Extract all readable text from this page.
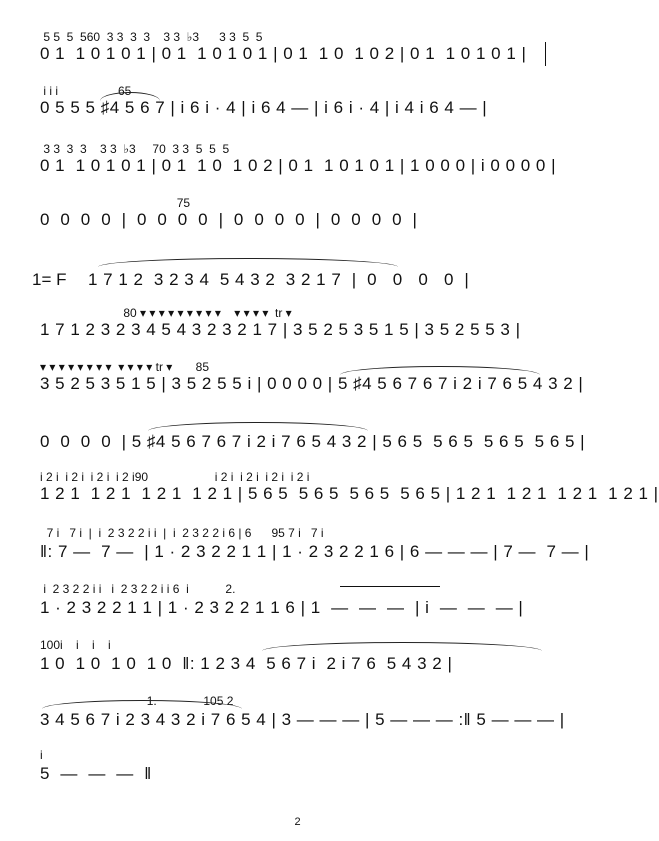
5 5  5  560  3 3  3  3    3 3  ♭3      3 3  5  5
0 1  1 0 1 0 1 | 0 1  1 0 1 0 1 | 0 1  1 0  1 0 2 | 0 1  1 0 1 0 1 |
i i i                  65
0 5 5 5 ♯4 5 6 7 | i 6 i · 4 | i 6 4 — | i 6 i · 4 | i 4 i 6 4 — |
3 3  3  3    3 3  ♭3     70  3 3  5  5  5
0 1  1 0 1 0 1 | 0 1  1 0  1 0 2 | 0 1  1 0 1 0 1 | 1 0 0 0 | i 0 0 0 0 |
75
0  0  0  0  |  0  0  0  0  |  0  0  0  0  |  0  0  0  0  |
1= F 1 7 1 2  3 2 3 4  5 4 3 2  3 2 1 7  |  0   0   0   0  |
80 ▾ ▾ ▾ ▾ ▾ ▾ ▾ ▾ ▾    ▾ ▾ ▾ ▾  tr ▾
1 7 1 2 3 2 3 4 5 4 3 2 3 2 1 7 | 3 5 2 5 3 5 1 5 | 3 5 2 5 5 3 |
▾ ▾ ▾ ▾ ▾ ▾ ▾ ▾  ▾ ▾ ▾ ▾ tr ▾       85
3 5 2 5 3 5 1 5 | 3 5 2 5 5 i | 0 0 0 0 | 5 ♯4 5 6 7 6 7 i 2 i 7 6 5 4 3 2 |
0  0  0  0  | 5 ♯4 5 6 7 6 7 i 2 i 7 6 5 4 3 2 | 5 6 5  5 6 5  5 6 5  5 6 5 |
i 2 i  i 2 i  i 2 i  i 2 i90                    i 2 i  i 2 i  i 2 i  i 2 i
1 2 1  1 2 1  1 2 1  1 2 1 | 5 6 5  5 6 5  5 6 5  5 6 5 | 1 2 1  1 2 1  1 2 1  1 2 1 |
7 i   7 i  |  i  2 3 2 2 i i  |  i  2 3 2 2 i 6 | 6      95 7 i   7 i
‖: 7 —  7 —  | 1 · 2 3 2 2 1 1 | 1 · 2 3 2 2 1 6 | 6 — — — | 7 —  7 — |
i  2 3 2 2 i i   i  2 3 2 2 i i 6  i           2.
1 · 2 3 2 2 1 1 | 1 · 2 3 2 2 1 1 6 | 1  —  —  —  | i  —  —  — |
100i    i    i    i
1 0  1 0  1 0  1 0  ‖: 1 2 3 4  5 6 7 i  2 i 7 6  5 4 3 2 |
1.              105 2
3 4 5 6 7 i 2 3 4 3 2 i 7 6 5 4 | 3 — — — | 5 — — — :‖ 5 — — — |
i
5  —  —  —  ‖
2
